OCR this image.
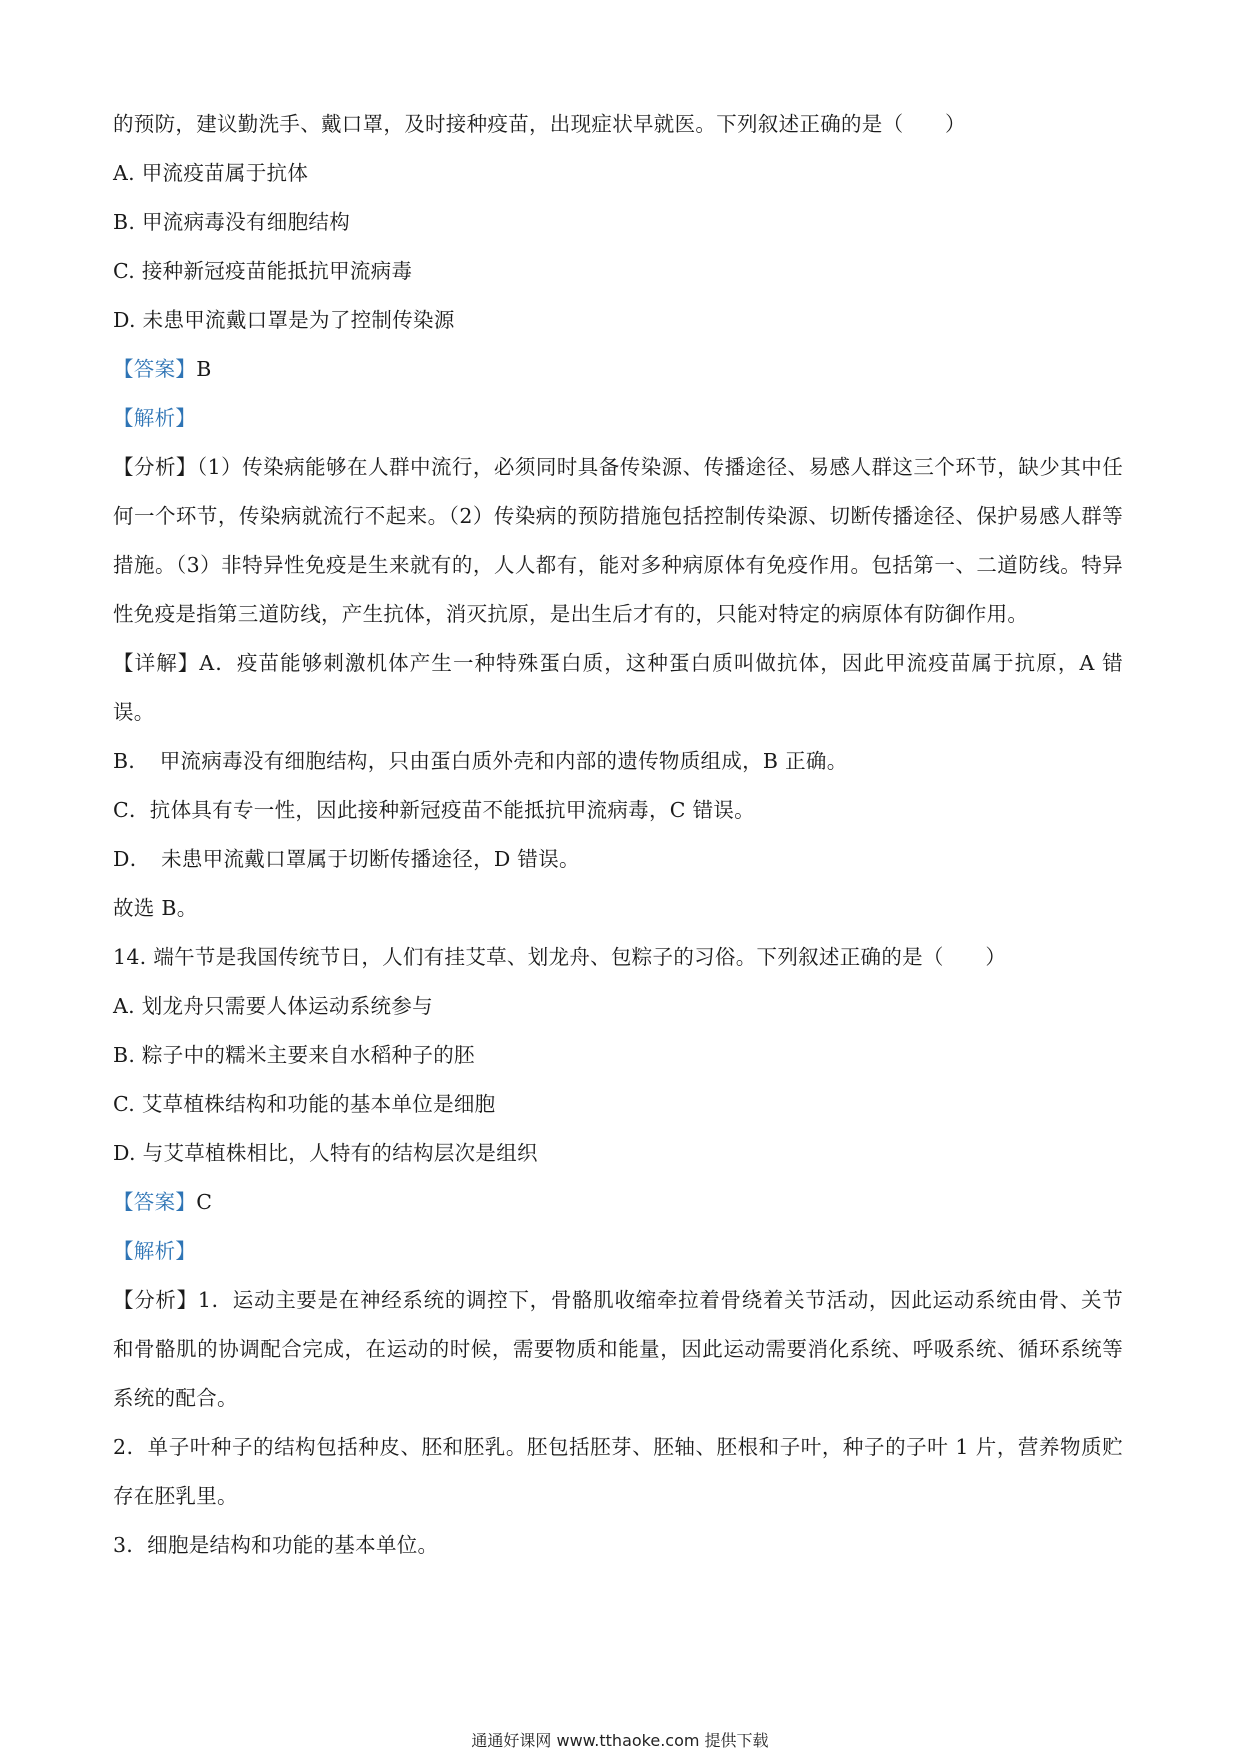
的预防，建议勤洗手、戴口罩，及时接种疫苗，出现症状早就医。下列叙述正确的是（　　）
A. 甲流疫苗属于抗体
B. 甲流病毒没有细胞结构
C. 接种新冠疫苗能抵抗甲流病毒
D. 未患甲流戴口罩是为了控制传染源
【答案】B
【解析】
【分析】（1）传染病能够在人群中流行，必须同时具备传染源、传播途径、易感人群这三个环节，缺少其中任何一个环节，传染病就流行不起来。（2）传染病的预防措施包括控制传染源、切断传播途径、保护易感人群等措施。（3）非特异性免疫是生来就有的，人人都有，能对多种病原体有免疫作用。包括第一、二道防线。特异性免疫是指第三道防线，产生抗体，消灭抗原，是出生后才有的，只能对特定的病原体有防御作用。
【详解】A．疫苗能够刺激机体产生一种特殊蛋白质，这种蛋白质叫做抗体，因此甲流疫苗属于抗原，A 错误。
B．　甲流病毒没有细胞结构，只由蛋白质外壳和内部的遗传物质组成，B 正确。
C．抗体具有专一性，因此接种新冠疫苗不能抵抗甲流病毒，C 错误。
D．　未患甲流戴口罩属于切断传播途径，D 错误。
故选 B。
14. 端午节是我国传统节日，人们有挂艾草、划龙舟、包粽子的习俗。下列叙述正确的是（　　）
A. 划龙舟只需要人体运动系统参与
B. 粽子中的糯米主要来自水稻种子的胚
C. 艾草植株结构和功能的基本单位是细胞
D. 与艾草植株相比，人特有的结构层次是组织
【答案】C
【解析】
【分析】1．运动主要是在神经系统的调控下，骨骼肌收缩牵拉着骨绕着关节活动，因此运动系统由骨、关节和骨骼肌的协调配合完成，在运动的时候，需要物质和能量，因此运动需要消化系统、呼吸系统、循环系统等系统的配合。
2．单子叶种子的结构包括种皮、胚和胚乳。胚包括胚芽、胚轴、胚根和子叶，种子的子叶 1 片，营养物质贮存在胚乳里。
3．细胞是结构和功能的基本单位。
通通好课网 www.tthaoke.com 提供下载
